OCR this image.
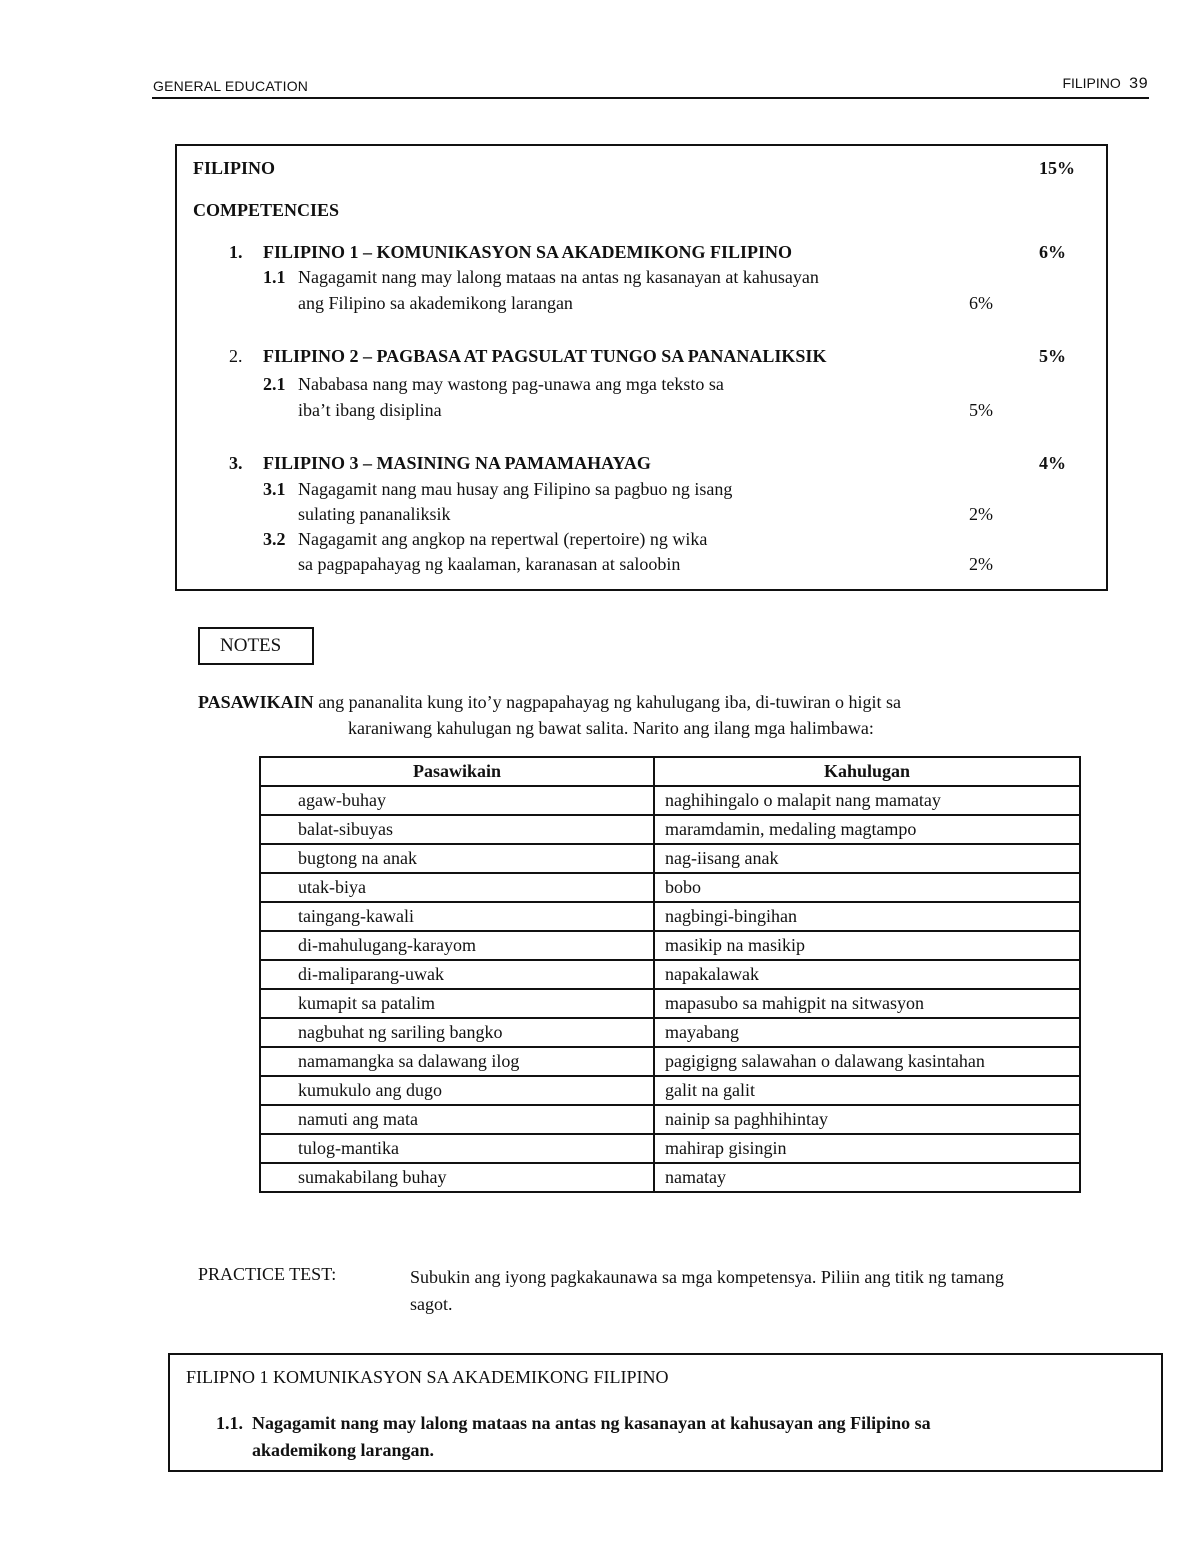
GENERAL EDUCATION	FILIPINO 39
FILIPINO	15%
COMPETENCIES
1. FILIPINO 1 – KOMUNIKASYON SA AKADEMIKONG FILIPINO	6%
1.1 Nagagamit nang may lalong mataas na antas ng kasanayan at kahusayan
ang Filipino sa akademikong larangan	6%
2. FILIPINO 2 – PAGBASA AT PAGSULAT TUNGO SA PANANALIKSIK	5%
2.1 Nababasa nang may wastong pag-unawa ang mga teksto sa
iba’t ibang disiplina	5%
3. FILIPINO 3 – MASINING NA PAMAMAHAYAG	4%
3.1 Nagagamit nang mau husay ang Filipino sa pagbuo ng isang
sulating pananaliksik	2%
3.2 Nagagamit ang angkop na repertwal (repertoire) ng wika
sa pagpapahayag ng kaalaman, karanasan at saloobin	2%
NOTES
PASAWIKAIN ang pananalita kung ito’y nagpapahayag ng kahulugang iba, di-tuwiran o higit sa
karaniwang kahulugan ng bawat salita. Narito ang ilang mga halimbawa:
Pasawikain	Kahulugan
agaw-buhay	naghihingalo o malapit nang mamatay
balat-sibuyas	maramdamin, medaling magtampo
bugtong na anak	nag-iisang anak
utak-biya	bobo
taingang-kawali	nagbingi-bingihan
di-mahulugang-karayom	masikip na masikip
di-maliparang-uwak	napakalawak
kumapit sa patalim	mapasubo sa mahigpit na sitwasyon
nagbuhat ng sariling bangko	mayabang
namamangka sa dalawang ilog	pagigigng salawahan o dalawang kasintahan
kumukulo ang dugo	galit na galit
namuti ang mata	nainip sa paghhihintay
tulog-mantika	mahirap gisingin
sumakabilang buhay	namatay
PRACTICE TEST:	Subukin ang iyong pagkakaunawa sa mga kompetensya. Piliin ang titik ng tamang
sagot.
FILIPNO 1 KOMUNIKASYON SA AKADEMIKONG FILIPINO
1.1. Nagagamit nang may lalong mataas na antas ng kasanayan at kahusayan ang Filipino sa
akademikong larangan.
